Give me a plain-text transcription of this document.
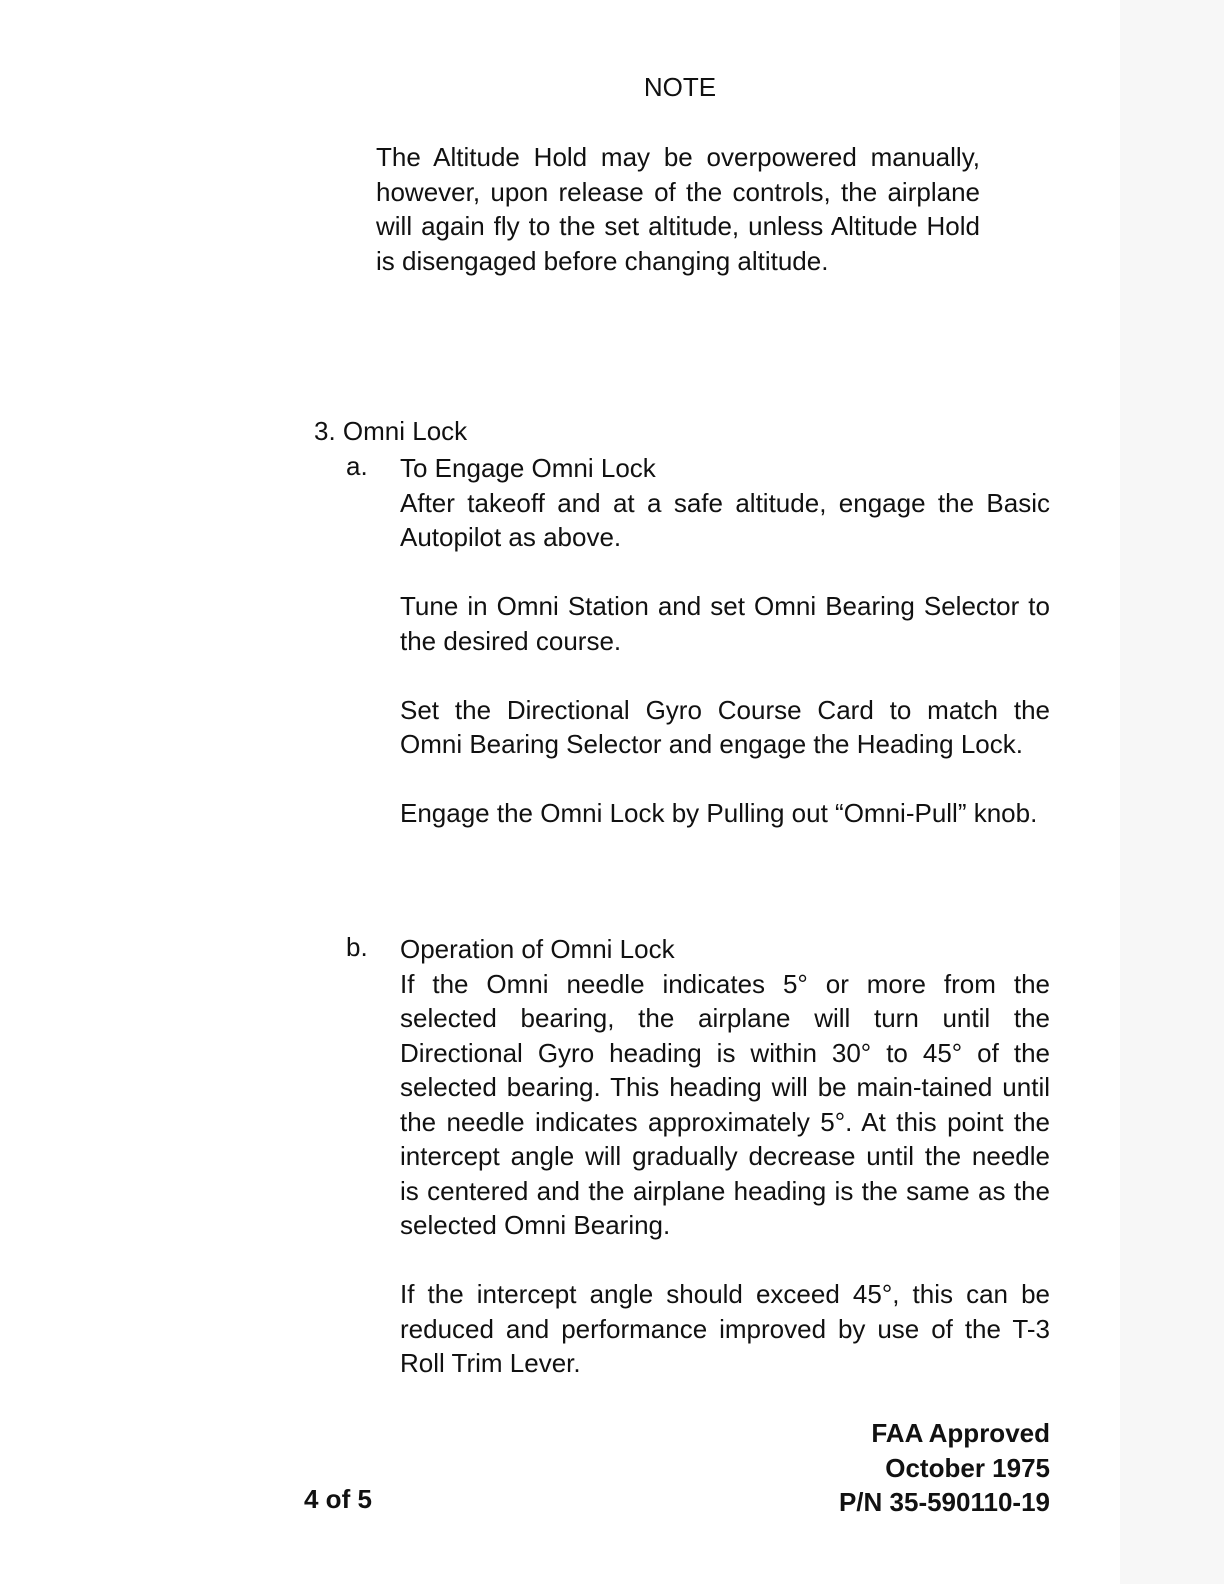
NOTE
The Altitude Hold may be overpowered manually, however, upon release of the controls, the airplane will again fly to the set altitude, unless Altitude Hold is disengaged before changing altitude.
3. Omni Lock
a. To Engage Omni Lock

After takeoff and at a safe altitude, engage the Basic Autopilot as above.

Tune in Omni Station and set Omni Bearing Selector to the desired course.

Set the Directional Gyro Course Card to match the Omni Bearing Selector and engage the Heading Lock.

Engage the Omni Lock by Pulling out “Omni-Pull” knob.

b. Operation of Omni Lock

If the Omni needle indicates 5° or more from the selected bearing, the airplane will turn until the Directional Gyro heading is within 30° to 45° of the selected bearing. This heading will be main-tained until the needle indicates approximately 5°. At this point the intercept angle will gradually decrease until the needle is centered and the airplane heading is the same as the selected Omni Bearing.

If the intercept angle should exceed 45°, this can be reduced and performance improved by use of the T-3 Roll Trim Lever.

4 of 5
FAA Approved
October 1975
P/N 35-590110-19
